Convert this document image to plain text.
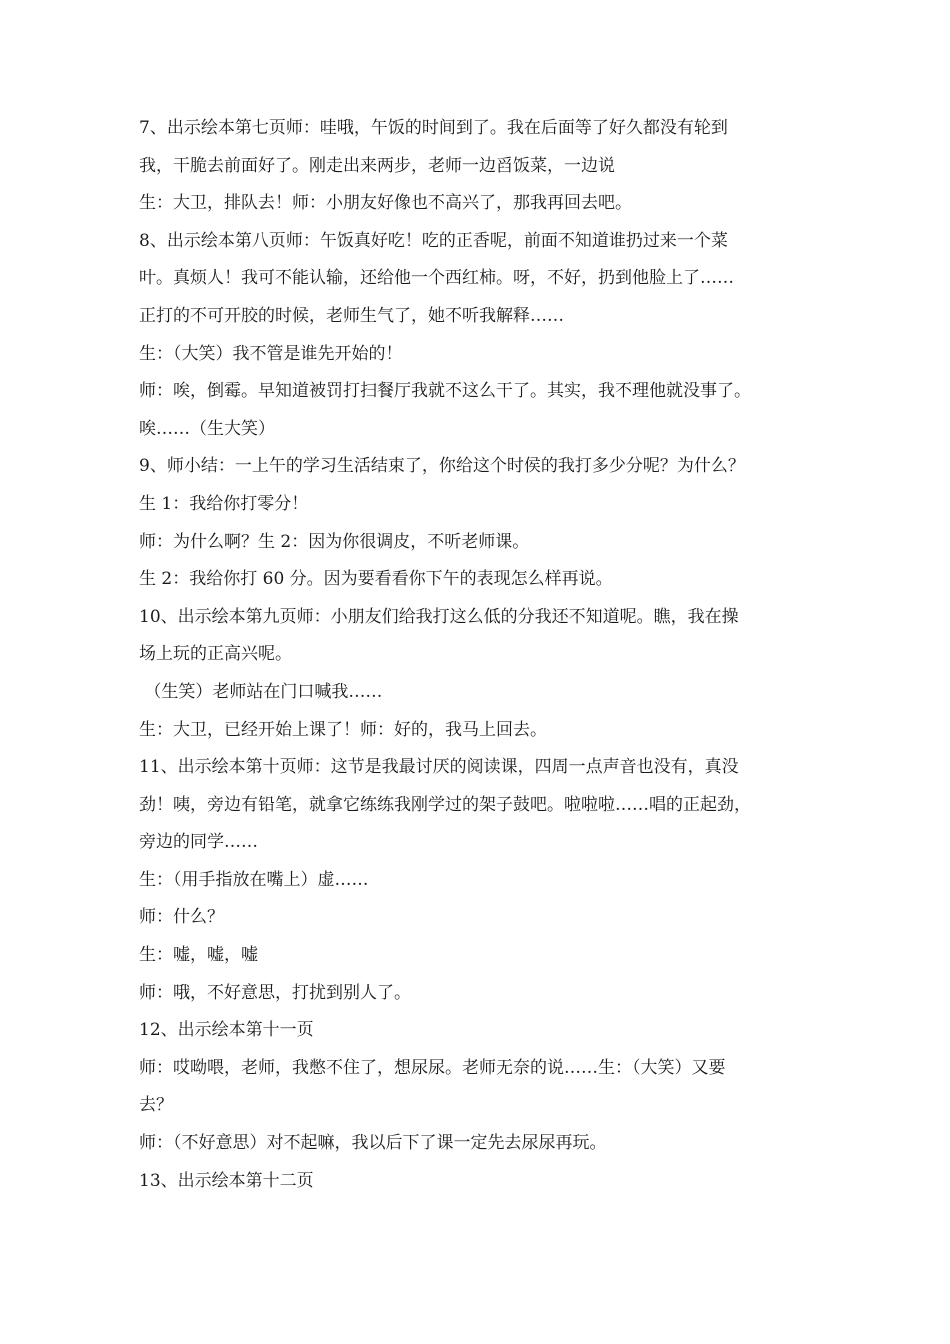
7、出示绘本第七页师：哇哦，午饭的时间到了。我在后面等了好久都没有轮到
我，干脆去前面好了。刚走出来两步，老师一边舀饭菜，一边说
生：大卫，排队去！师：小朋友好像也不高兴了，那我再回去吧。
8、出示绘本第八页师：午饭真好吃！吃的正香呢，前面不知道谁扔过来一个菜
叶。真烦人！我可不能认输，还给他一个西红柿。呀，不好，扔到他脸上了……
正打的不可开胶的时候，老师生气了，她不听我解释……
生：（大笑）我不管是谁先开始的！
师：唉，倒霉。早知道被罚打扫餐厅我就不这么干了。其实，我不理他就没事了。
唉……（生大笑）
9、师小结：一上午的学习生活结束了，你给这个时侯的我打多少分呢？为什么？
生 1：我给你打零分！
师：为什么啊？生 2：因为你很调皮，不听老师课。
生 2：我给你打 60 分。因为要看看你下午的表现怎么样再说。
10、出示绘本第九页师：小朋友们给我打这么低的分我还不知道呢。瞧，我在操
场上玩的正高兴呢。
（生笑）老师站在门口喊我……
生：大卫，已经开始上课了！师：好的，我马上回去。
11、出示绘本第十页师：这节是我最讨厌的阅读课，四周一点声音也没有，真没
劲！咦，旁边有铅笔，就拿它练练我刚学过的架子鼓吧。啦啦啦……唱的正起劲，
旁边的同学……
生：（用手指放在嘴上）虚……
师：什么？
生：嘘，嘘，嘘
师：哦，不好意思，打扰到别人了。
12、出示绘本第十一页
师：哎呦喂，老师，我憋不住了，想尿尿。老师无奈的说……生：（大笑）又要
去？
师：（不好意思）对不起嘛，我以后下了课一定先去尿尿再玩。
13、出示绘本第十二页
